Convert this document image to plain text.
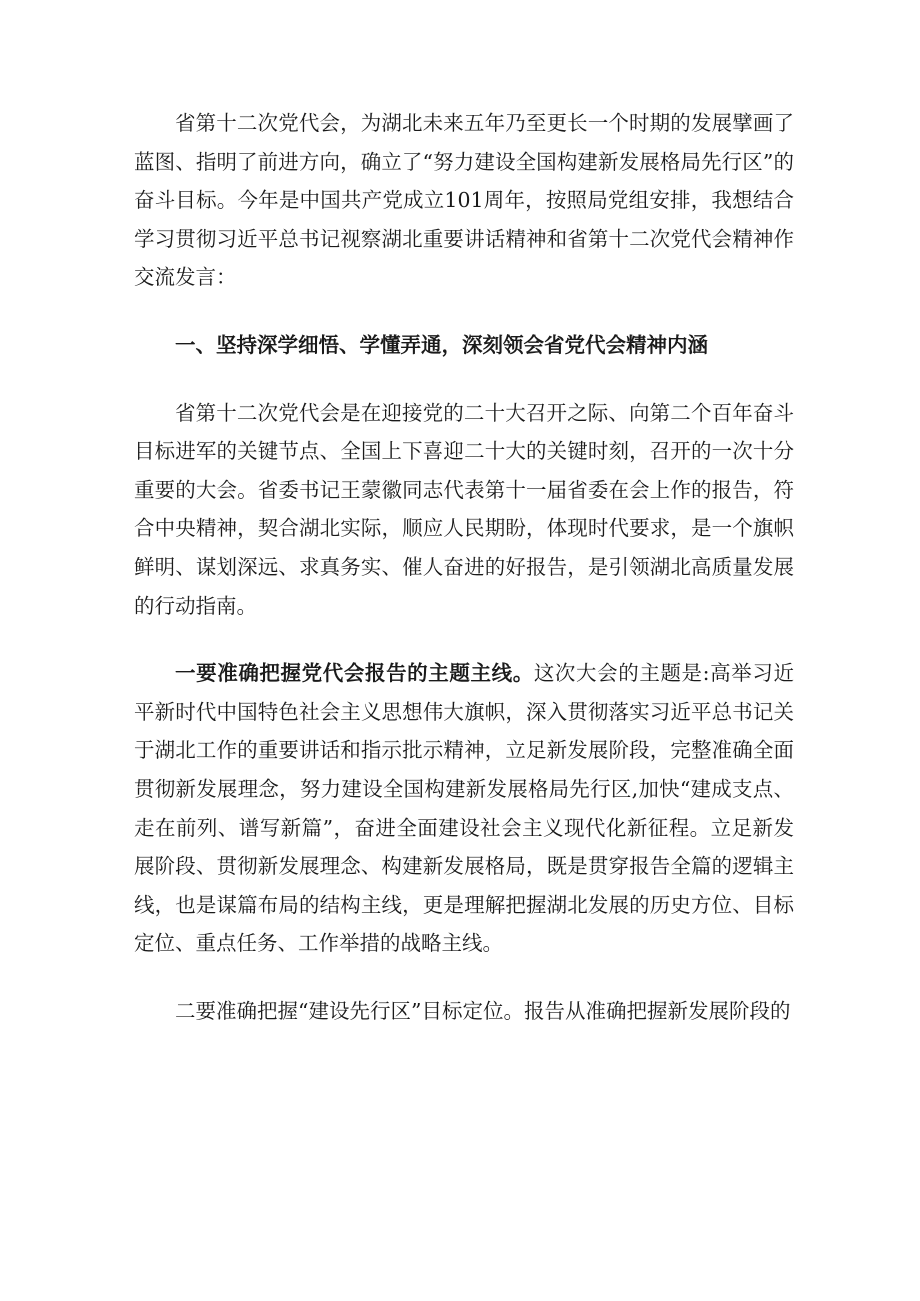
省第十二次党代会，为湖北未来五年乃至更长一个时期的发展擘画了蓝图、指明了前进方向，确立了“努力建设全国构建新发展格局先行区”的奋斗目标。今年是中国共产党成立101周年，按照局党组安排，我想结合学习贯彻习近平总书记视察湖北重要讲话精神和省第十二次党代会精神作交流发言：

一、坚持深学细悟、学懂弄通，深刻领会省党代会精神内涵

省第十二次党代会是在迎接党的二十大召开之际、向第二个百年奋斗目标进军的关键节点、全国上下喜迎二十大的关键时刻，召开的一次十分重要的大会。省委书记王蒙徽同志代表第十一届省委在会上作的报告，符合中央精神，契合湖北实际，顺应人民期盼，体现时代要求，是一个旗帜鲜明、谋划深远、求真务实、催人奋进的好报告，是引领湖北高质量发展的行动指南。

一要准确把握党代会报告的主题主线。这次大会的主题是:高举习近平新时代中国特色社会主义思想伟大旗帜，深入贯彻落实习近平总书记关于湖北工作的重要讲话和指示批示精神，立足新发展阶段，完整准确全面贯彻新发展理念，努力建设全国构建新发展格局先行区,加快“建成支点、走在前列、谱写新篇”，奋进全面建设社会主义现代化新征程。立足新发展阶段、贯彻新发展理念、构建新发展格局，既是贯穿报告全篇的逻辑主线，也是谋篇布局的结构主线，更是理解把握湖北发展的历史方位、目标定位、重点任务、工作举措的战略主线。

二要准确把握“建设先行区”目标定位。报告从准确把握新发展阶段的
